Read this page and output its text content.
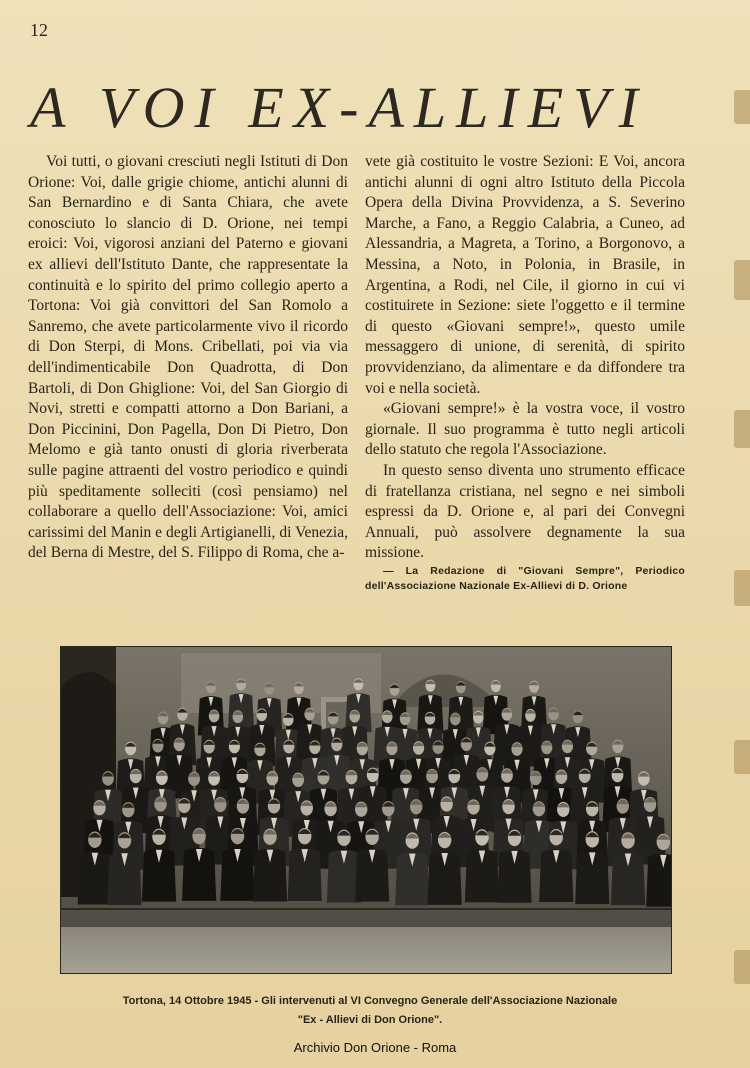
12
A VOI EX-ALLIEVI

Voi tutti, o giovani cresciuti negli Istituti di Don Orione: Voi, dalle grigie chiome, antichi alunni di San Bernardino e di Santa Chiara, che avete conosciuto lo slancio di D. Orione, nei tempi eroici: Voi, vigorosi anziani del Paterno e giovani ex allievi dell'Istituto Dante, che rappresentate la continuità e lo spirito del primo collegio aperto a Tortona: Voi già convittori del San Romolo a Sanremo, che avete particolarmente vivo il ricordo di Don Sterpi, di Mons. Cribellati, poi via via dell'indimenticabile Don Quadrotta, di Don Bartoli, di Don Ghiglione: Voi, del San Giorgio di Novi, stretti e compatti attorno a Don Bariani, a Don Piccinini, Don Pagella, Don Di Pietro, Don Melomo e già tanto onusti di gloria riverberata sulle pagine attraenti del vostro periodico e quindi più speditamente solleciti (così pensiamo) nel collaborare a quello dell'Associazione: Voi, amici carissimi del Manin e degli Artigianelli, di Venezia, del Berna di Mestre, del S. Filippo di Roma, che a-

vete già costituito le vostre Sezioni: E Voi, ancora antichi alunni di ogni altro Istituto della Piccola Opera della Divina Provvidenza, a S. Severino Marche, a Fano, a Reggio Calabria, a Cuneo, ad Alessandria, a Magreta, a Torino, a Borgonovo, a Messina, a Noto, in Polonia, in Brasile, in Argentina, a Rodi, nel Cile, il giorno in cui vi costituirete in Sezione: siete l'oggetto e il termine di questo «Giovani sempre!», questo umile messaggero di unione, di serenità, di spirito provvidenziano, da alimentare e da diffondere tra voi e nella società.

«Giovani sempre!» è la vostra voce, il vostro giornale. Il suo programma è tutto negli articoli dello statuto che regola l'Associazione.

In questo senso diventa uno strumento efficace di fratellanza cristiana, nel segno e nei simboli espressi da D. Orione e, al pari dei Convegni Annuali, può assolvere degnamente la sua missione.

— La Redazione di "Giovani Sempre", Periodico dell'Associazione Nazionale Ex-Allievi di D. Orione

Tortona, 14 Ottobre 1945 - Gli intervenuti al VI Convegno Generale dell'Associazione Nazionale
"Ex - Allievi di Don Orione".
Archivio Don Orione - Roma
